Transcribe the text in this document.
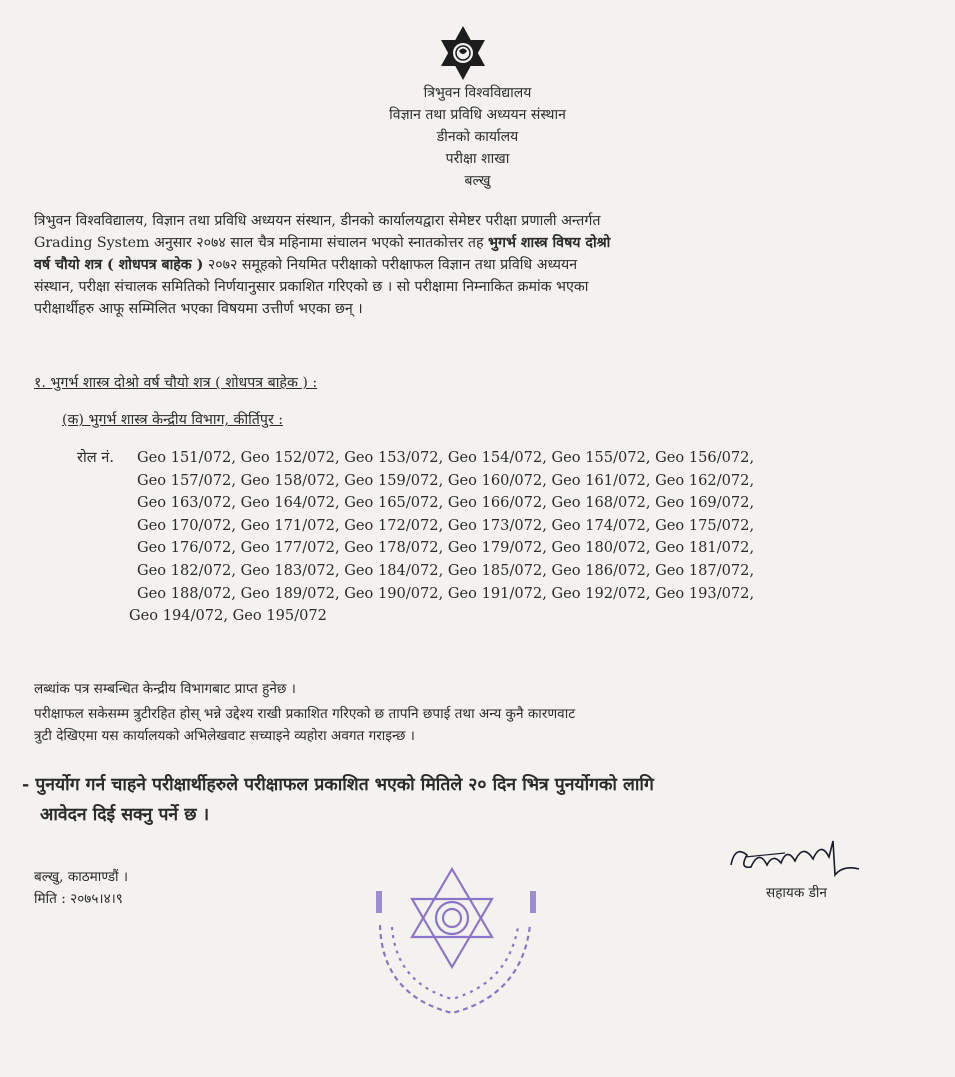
त्रिभुवन विश्वविद्यालय
विज्ञान तथा प्रविधि अध्ययन संस्थान
डीनको कार्यालय
परीक्षा शाखा
बल्खु
त्रिभुवन विश्वविद्यालय, विज्ञान तथा प्रविधि अध्ययन संस्थान, डीनको कार्यालयद्वारा सेमेष्टर परीक्षा प्रणाली अन्तर्गत
Grading System अनुसार २०७४ साल चैत्र महिनामा संचालन भएको स्नातकोत्तर तह भुगर्भ शास्त्र विषय दोश्रो
वर्ष चौयो शत्र ( शोधपत्र बाहेक ) २०७२ समूहको नियमित परीक्षाको परीक्षाफल विज्ञान तथा प्रविधि अध्ययन
संस्थान, परीक्षा संचालक समितिको निर्णयानुसार प्रकाशित गरिएको छ । सो परीक्षामा निम्नाकित क्रमांक भएका
परीक्षार्थीहरु आफू सम्मिलित भएका विषयमा उत्तीर्ण भएका छन् ।
१. भुगर्भ शास्त्र दोश्रो वर्ष चौयो शत्र ( शोधपत्र बाहेक ) :
(क) भुगर्भ शास्त्र केन्द्रीय विभाग, कीर्तिपुर :
रोल नं. Geo 151/072, Geo 152/072, Geo 153/072, Geo 154/072, Geo 155/072, Geo 156/072,
Geo 157/072, Geo 158/072, Geo 159/072, Geo 160/072, Geo 161/072, Geo 162/072,
Geo 163/072, Geo 164/072, Geo 165/072, Geo 166/072, Geo 168/072, Geo 169/072,
Geo 170/072, Geo 171/072, Geo 172/072, Geo 173/072, Geo 174/072, Geo 175/072,
Geo 176/072, Geo 177/072, Geo 178/072, Geo 179/072, Geo 180/072, Geo 181/072,
Geo 182/072, Geo 183/072, Geo 184/072, Geo 185/072, Geo 186/072, Geo 187/072,
Geo 188/072, Geo 189/072, Geo 190/072, Geo 191/072, Geo 192/072, Geo 193/072,
Geo 194/072, Geo 195/072
लब्धांक पत्र सम्बन्धित केन्द्रीय विभागबाट प्राप्त हुनेछ ।
परीक्षाफल सकेसम्म त्रुटीरहित होस् भन्ने उद्देश्य राखी प्रकाशित गरिएको छ तापनि छपाई तथा अन्य कुनै कारणवाट
त्रुटी देखिएमा यस कार्यालयको अभिलेखवाट सच्याइने व्यहोरा अवगत गराइन्छ ।
- पुनर्योग गर्न चाहने परीक्षार्थीहरुले परीक्षाफल प्रकाशित भएको मितिले २० दिन भित्र पुनर्योगको लागि
आवेदन दिई सक्नु पर्ने छ ।
बल्खु, काठमाण्डौं ।
मिति : २०७५।४।९	सहायक डीन
